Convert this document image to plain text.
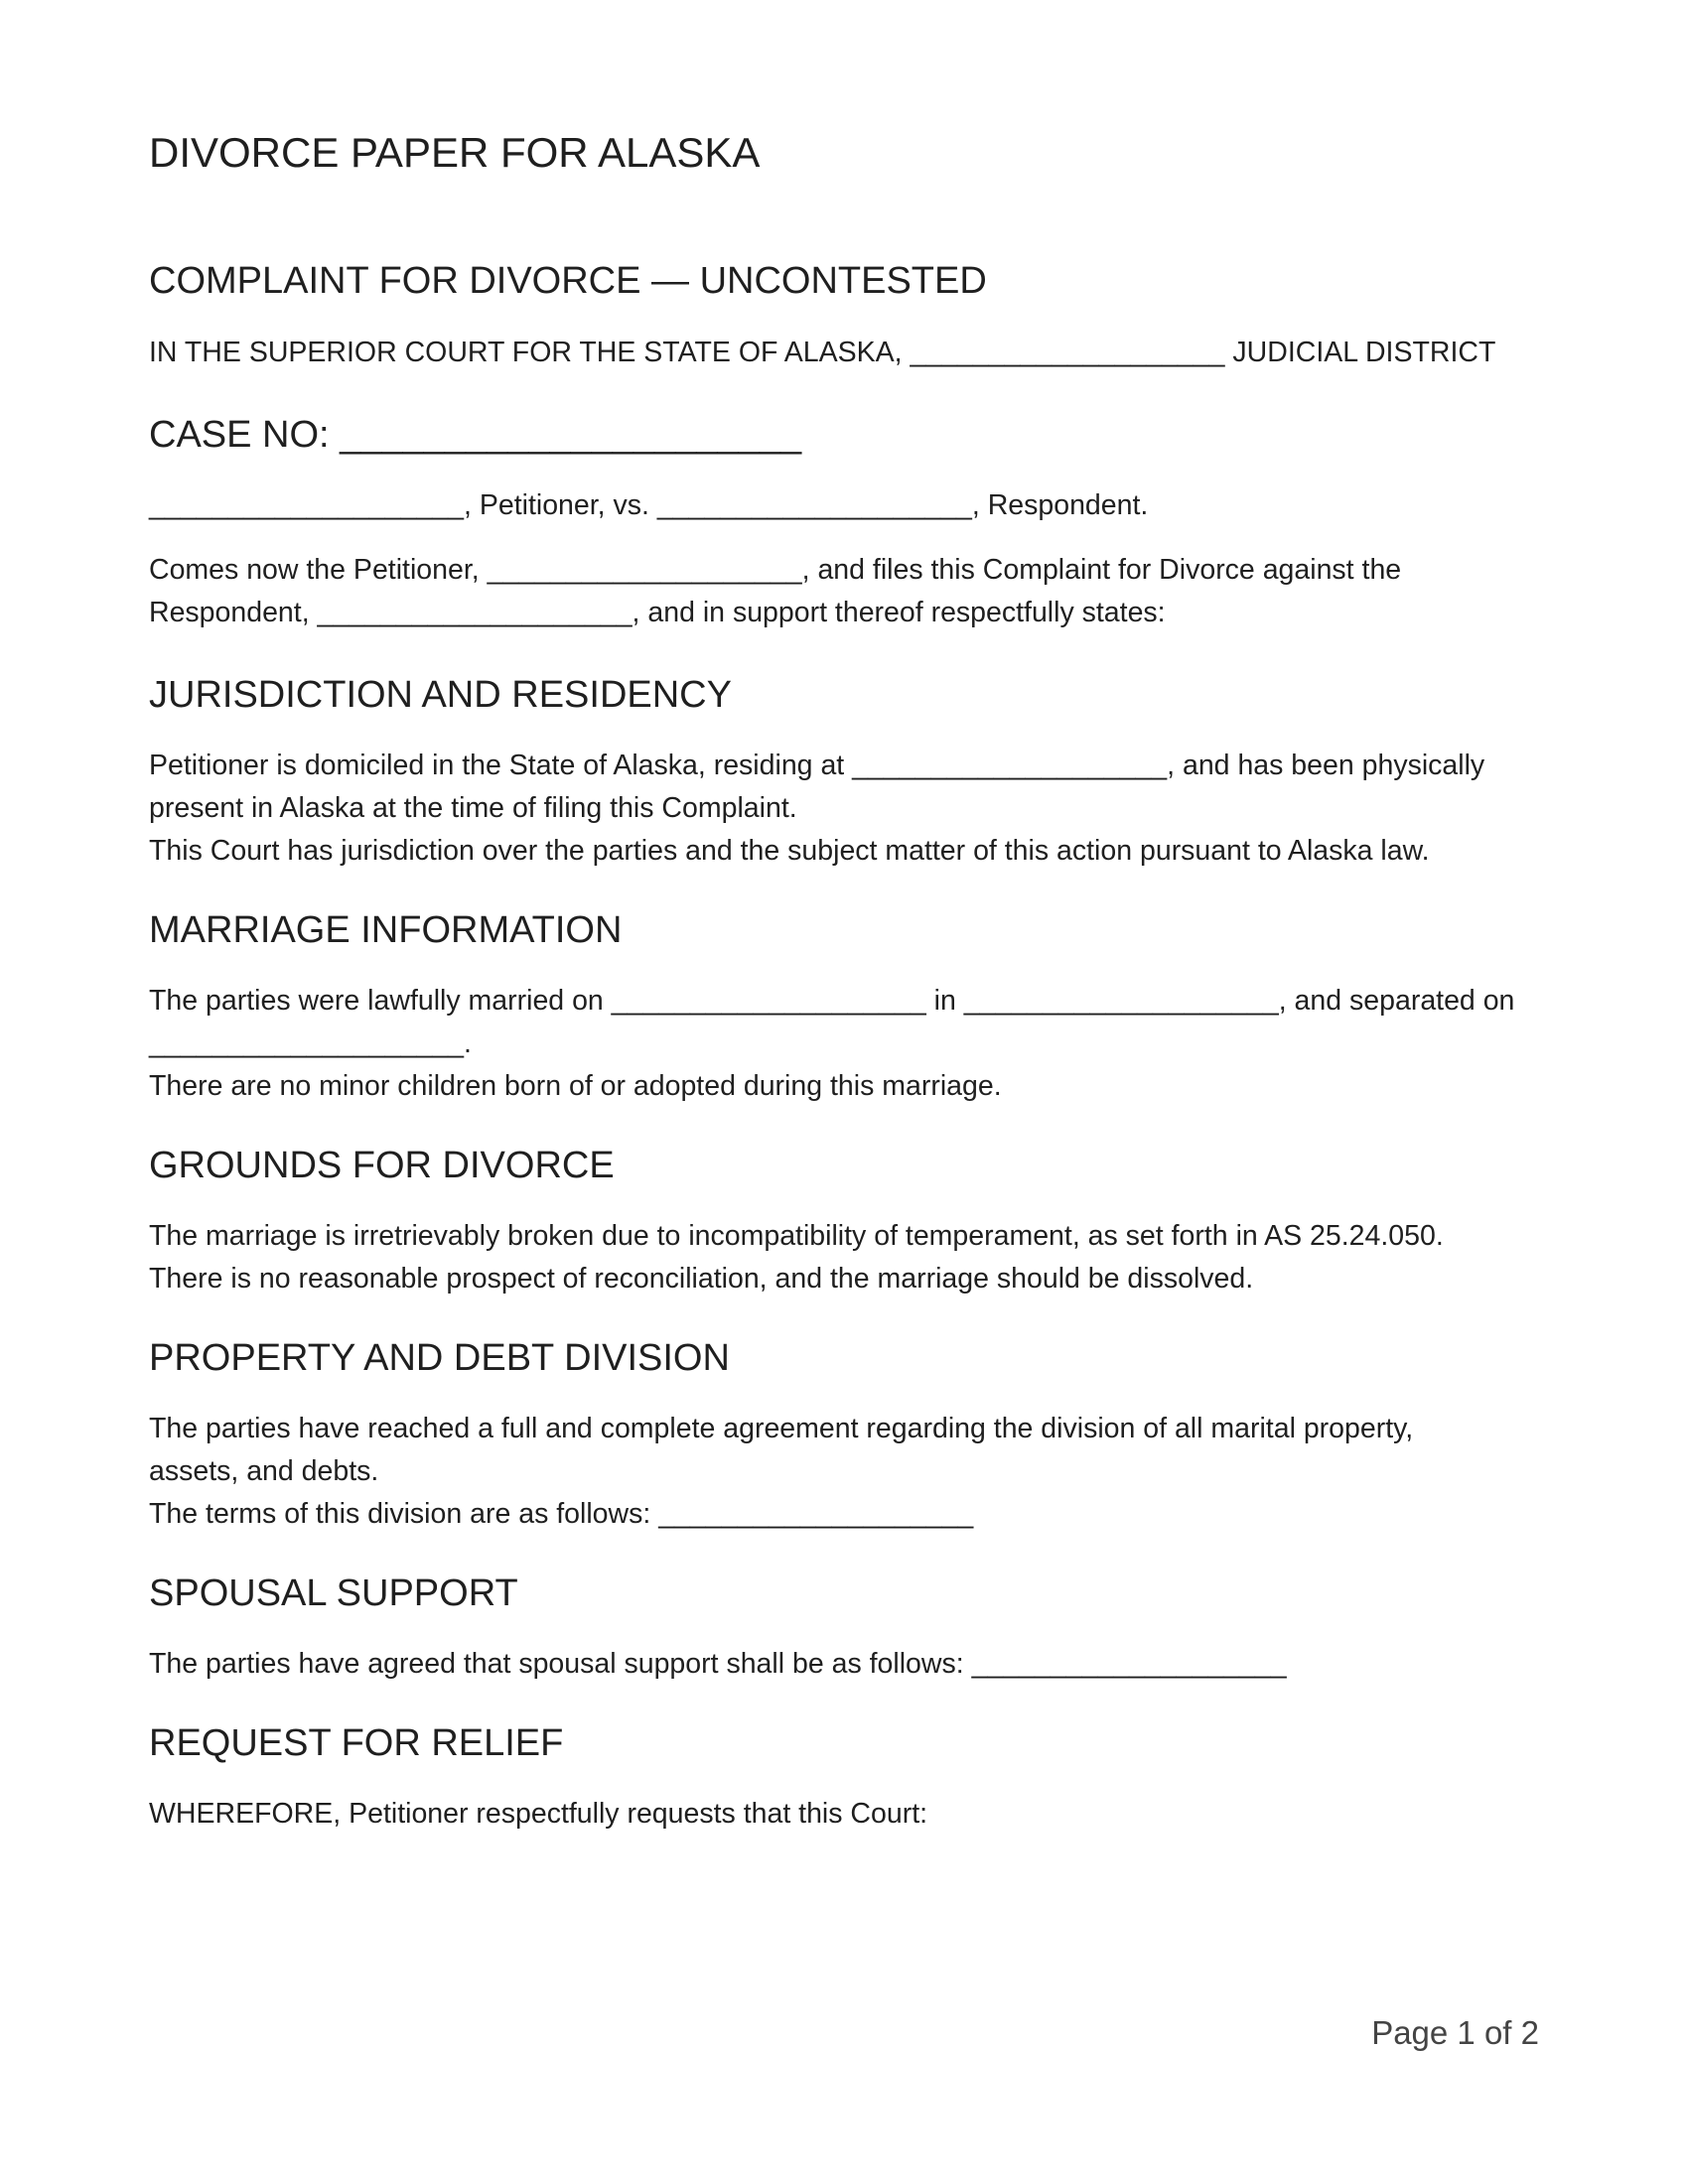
DIVORCE PAPER FOR ALASKA
COMPLAINT FOR DIVORCE — UNCONTESTED

IN THE SUPERIOR COURT FOR THE STATE OF ALASKA, ____________________ JUDICIAL DISTRICT

CASE NO: ______________________

____________________, Petitioner, vs. ____________________, Respondent.

Comes now the Petitioner, ____________________, and files this Complaint for Divorce against the
Respondent, ____________________, and in support thereof respectfully states:

JURISDICTION AND RESIDENCY

Petitioner is domiciled in the State of Alaska, residing at ____________________, and has been physically
present in Alaska at the time of filing this Complaint.
This Court has jurisdiction over the parties and the subject matter of this action pursuant to Alaska law.

MARRIAGE INFORMATION

The parties were lawfully married on ____________________ in ____________________, and separated on
____________________.
There are no minor children born of or adopted during this marriage.

GROUNDS FOR DIVORCE

The marriage is irretrievably broken due to incompatibility of temperament, as set forth in AS 25.24.050.
There is no reasonable prospect of reconciliation, and the marriage should be dissolved.

PROPERTY AND DEBT DIVISION

The parties have reached a full and complete agreement regarding the division of all marital property,
assets, and debts.
The terms of this division are as follows: ____________________

SPOUSAL SUPPORT

The parties have agreed that spousal support shall be as follows: ____________________

REQUEST FOR RELIEF

WHEREFORE, Petitioner respectfully requests that this Court:

Page 1 of 2
